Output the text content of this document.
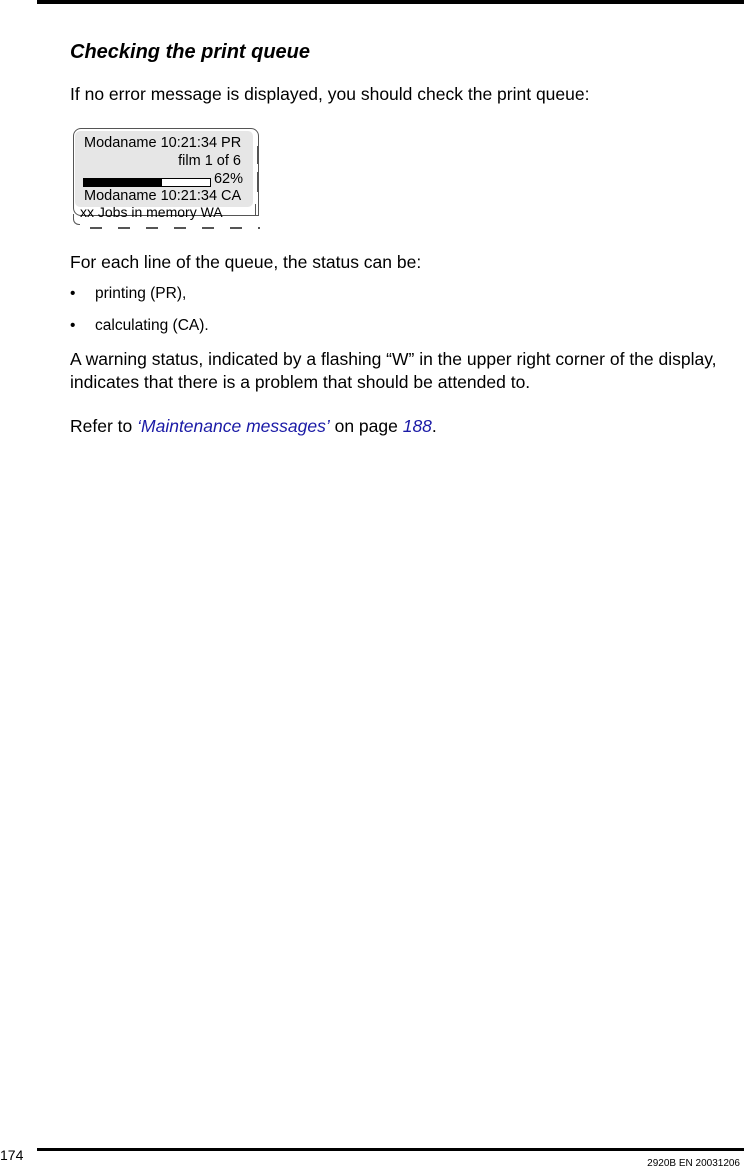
Checking the print queue

If no error message is displayed, you should check the print queue:

Modaname 10:21:34 PR
film 1 of 6
62%
Modaname 10:21:34 CA
xx Jobs in memory WA

For each line of the queue, the status can be:

• printing (PR),
• calculating (CA).

A warning status, indicated by a flashing “W” in the upper right corner of the display, indicates that there is a problem that should be attended to.

Refer to ‘Maintenance messages’ on page 188.

174
2920B EN 20031206
